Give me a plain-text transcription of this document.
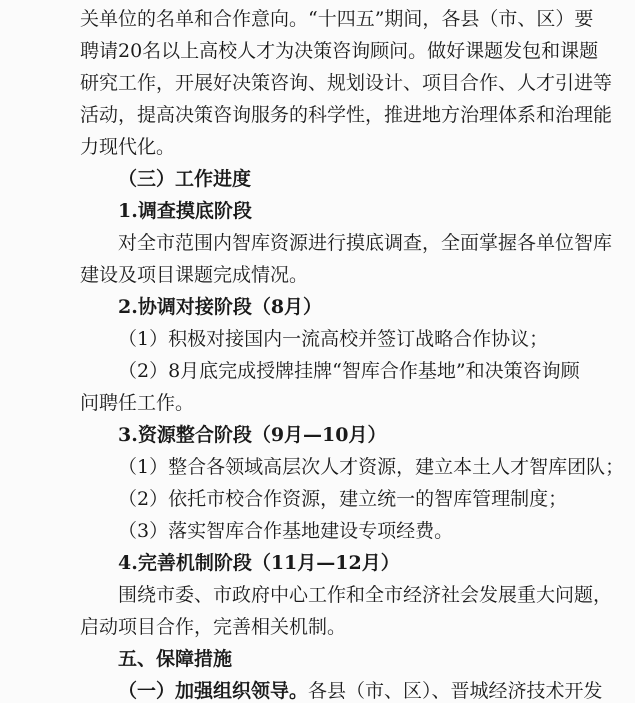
关单位的名单和合作意向。“十四五”期间，各县（市、区）要
聘请20名以上高校人才为决策咨询顾问。做好课题发包和课题
研究工作，开展好决策咨询、规划设计、项目合作、人才引进等
活动，提高决策咨询服务的科学性，推进地方治理体系和治理能
力现代化。
（三）工作进度
1.调查摸底阶段
对全市范围内智库资源进行摸底调查，全面掌握各单位智库
建设及项目课题完成情况。
2.协调对接阶段（8月）
（1）积极对接国内一流高校并签订战略合作协议；
（2）8月底完成授牌挂牌“智库合作基地”和决策咨询顾
问聘任工作。
3.资源整合阶段（9月—10月）
（1）整合各领域高层次人才资源，建立本土人才智库团队；
（2）依托市校合作资源，建立统一的智库管理制度；
（3）落实智库合作基地建设专项经费。
4.完善机制阶段（11月—12月）
围绕市委、市政府中心工作和全市经济社会发展重大问题，
启动项目合作，完善相关机制。
五、保障措施
（一）加强组织领导。各县（市、区）、晋城经济技术开发
